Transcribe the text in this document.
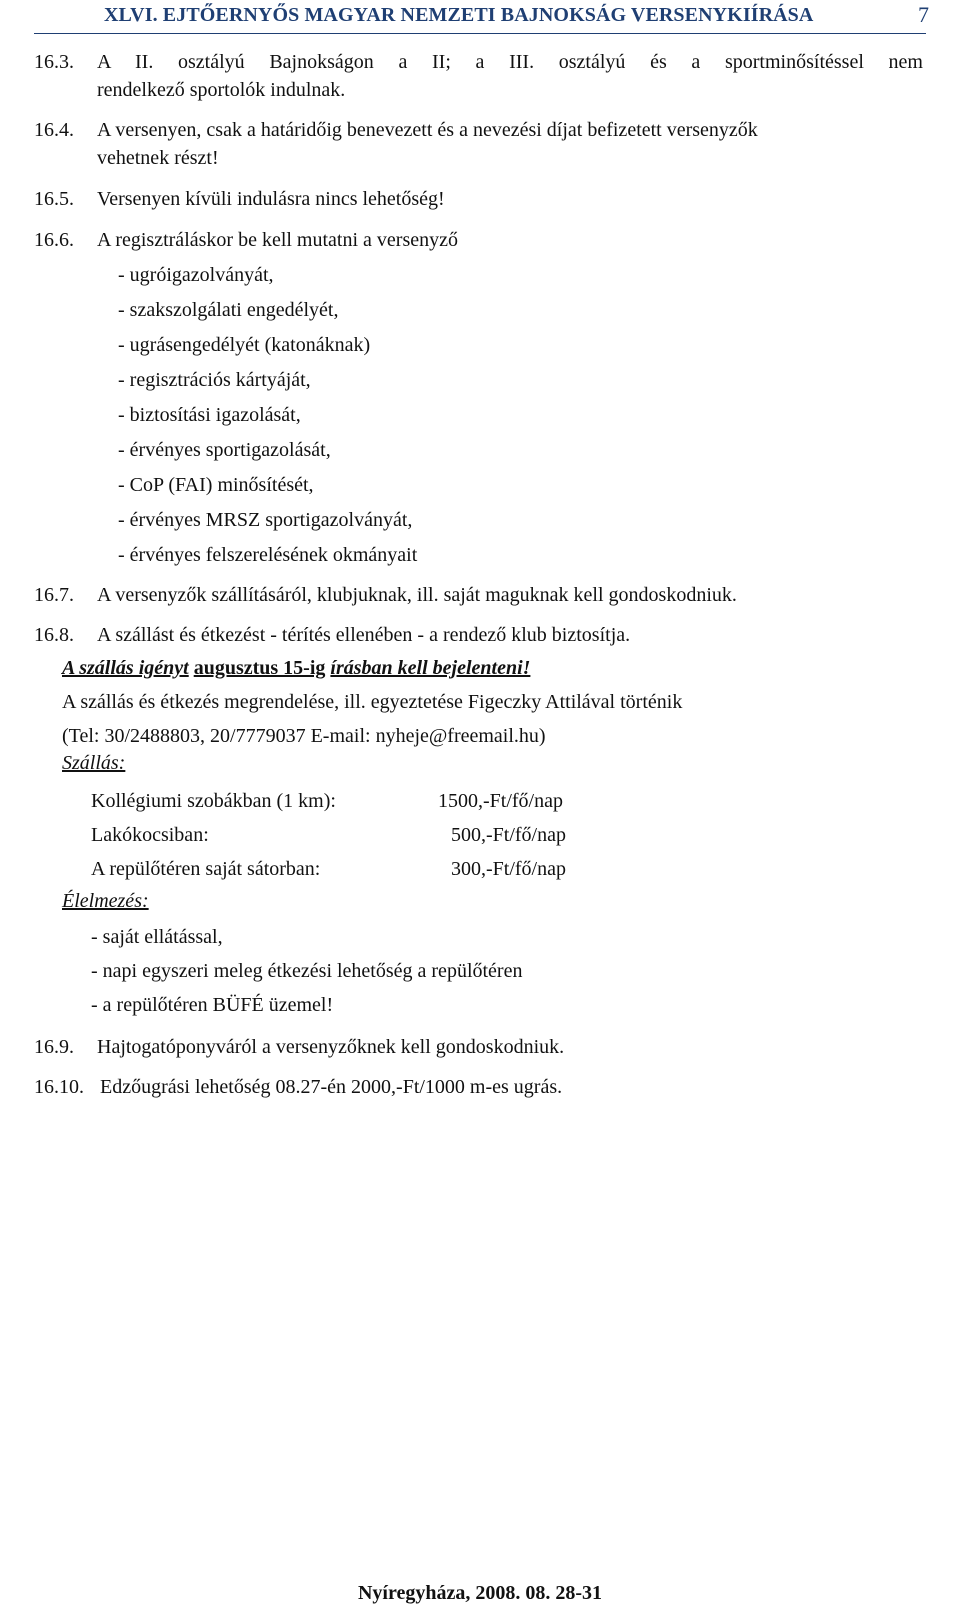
XLVI. EJTŐERNYŐS MAGYAR NEMZETI BAJNOKSÁG VERSENYKIÍRÁSA	7
16.3. A II. osztályú Bajnokságon a II; a III. osztályú és a sportminősítéssel nem
rendelkező sportolók indulnak.
16.4. A versenyen, csak a határidőig benevezett és a nevezési díjat befizetett versenyzők
vehetnek részt!
16.5. Versenyen kívüli indulásra nincs lehetőség!
16.6. A regisztráláskor be kell mutatni a versenyző
- ugróigazolványát,
- szakszolgálati engedélyét,
- ugrásengedélyét (katonáknak)
- regisztrációs kártyáját,
- biztosítási igazolását,
- érvényes sportigazolását,
- CoP (FAI) minősítését,
- érvényes MRSZ sportigazolványát,
- érvényes felszerelésének okmányait
16.7. A versenyzők szállításáról, klubjuknak, ill. saját maguknak kell gondoskodniuk.
16.8. A szállást és étkezést - térítés ellenében - a rendező klub biztosítja.
A szállás igényt augusztus 15-ig írásban kell bejelenteni!
A szállás és étkezés megrendelése, ill. egyeztetése Figeczky Attilával történik
(Tel: 30/2488803, 20/7779037 E-mail: nyheje@freemail.hu)
Szállás:
Kollégiumi szobákban (1 km):	1500,-Ft/fő/nap
Lakókocsiban:	500,-Ft/fő/nap
A repülőtéren saját sátorban:	300,-Ft/fő/nap
Élelmezés:
- saját ellátással,
- napi egyszeri meleg étkezési lehetőség a repülőtéren
- a repülőtéren BÜFÉ üzemel!
16.9. Hajtogatóponyváról a versenyzőknek kell gondoskodniuk.
16.10. Edzőugrási lehetőség 08.27-én 2000,-Ft/1000 m-es ugrás.
Nyíregyháza, 2008. 08. 28-31
